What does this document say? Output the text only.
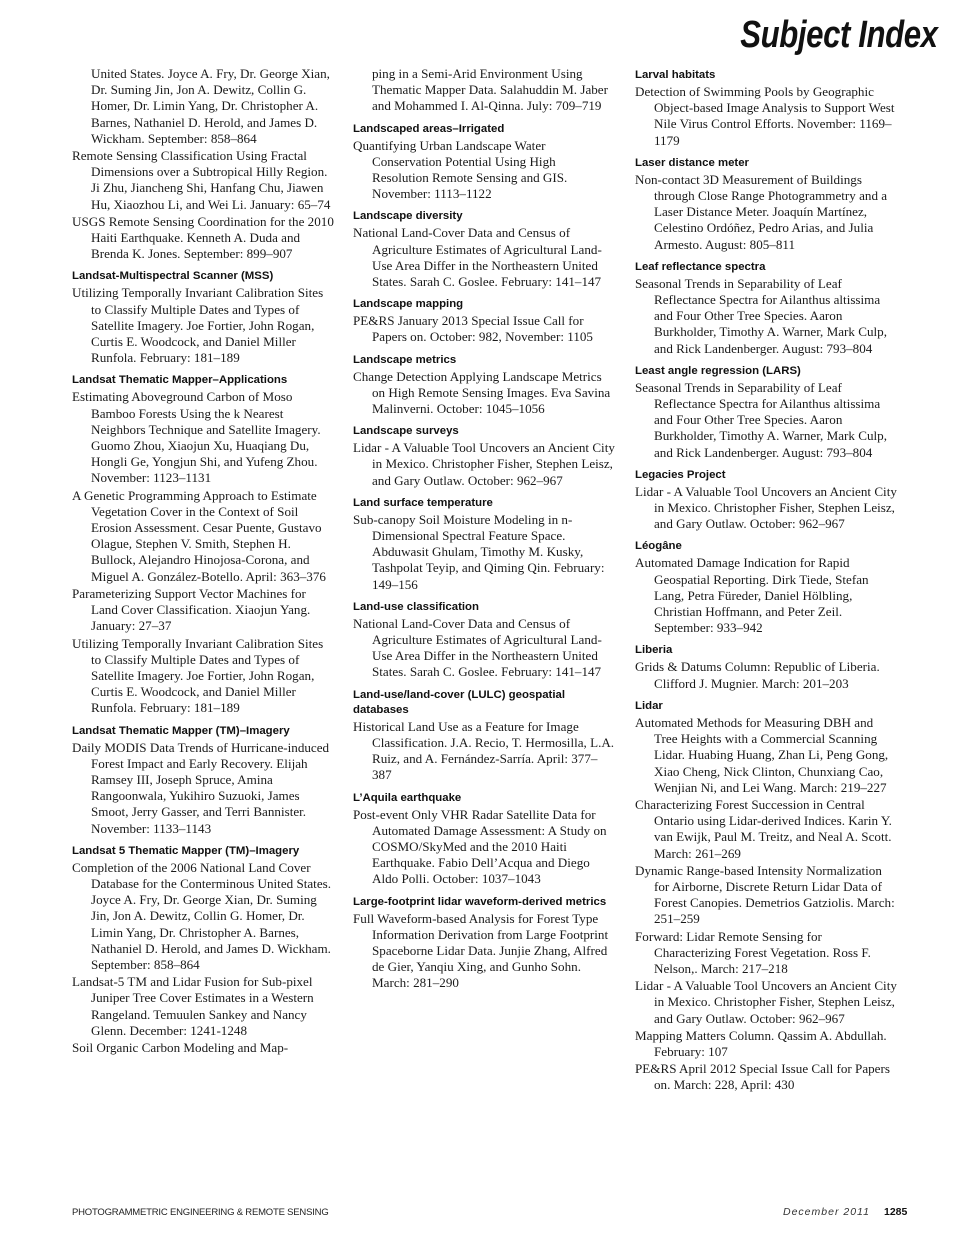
Subject Index
United States. Joyce A. Fry, Dr. George Xian, Dr. Suming Jin, Jon A. Dewitz, Collin G. Homer, Dr. Limin Yang, Dr. Christopher A. Barnes, Nathaniel D. Herold, and James D. Wickham. September: 858–864
Remote Sensing Classification Using Fractal Dimensions over a Subtropical Hilly Region. Ji Zhu, Jiancheng Shi, Hanfang Chu, Jiawen Hu, Xiaozhou Li, and Wei Li. January: 65–74
USGS Remote Sensing Coordination for the 2010 Haiti Earthquake. Kenneth A. Duda and Brenda K. Jones. September: 899–907
Landsat-Multispectral Scanner (MSS)
Utilizing Temporally Invariant Calibration Sites to Classify Multiple Dates and Types of Satellite Imagery. Joe Fortier, John Rogan, Curtis E. Woodcock, and Daniel Miller Runfola. February: 181–189
Landsat Thematic Mapper–Applications
Estimating Aboveground Carbon of Moso Bamboo Forests Using the k Nearest Neighbors Technique and Satellite Imagery. Guomo Zhou, Xiaojun Xu, Huaqiang Du, Hongli Ge, Yongjun Shi, and Yufeng Zhou. November: 1123–1131
A Genetic Programming Approach to Estimate Vegetation Cover in the Context of Soil Erosion Assessment. Cesar Puente, Gustavo Olague, Stephen V. Smith, Stephen H. Bullock, Alejandro Hinojosa-Corona, and Miguel A. González-Botello. April: 363–376
Parameterizing Support Vector Machines for Land Cover Classification. Xiaojun Yang. January: 27–37
Utilizing Temporally Invariant Calibration Sites to Classify Multiple Dates and Types of Satellite Imagery. Joe Fortier, John Rogan, Curtis E. Woodcock, and Daniel Miller Runfola. February: 181–189
Landsat Thematic Mapper (TM)–Imagery
Daily MODIS Data Trends of Hurricane-induced Forest Impact and Early Recovery. Elijah Ramsey III, Joseph Spruce, Amina Rangoonwala, Yukihiro Suzuoki, James Smoot, Jerry Gasser, and Terri Bannister. November: 1133–1143
Landsat 5 Thematic Mapper (TM)–Imagery
Completion of the 2006 National Land Cover Database for the Conterminous United States. Joyce A. Fry, Dr. George Xian, Dr. Suming Jin, Jon A. Dewitz, Collin G. Homer, Dr. Limin Yang, Dr. Christopher A. Barnes, Nathaniel D. Herold, and James D. Wickham. September: 858–864
Landsat-5 TM and Lidar Fusion for Sub-pixel Juniper Tree Cover Estimates in a Western Rangeland. Temuulen Sankey and Nancy Glenn. December: 1241-1248
Soil Organic Carbon Modeling and Map-
ping in a Semi-Arid Environment Using Thematic Mapper Data. Salahuddin M. Jaber and Mohammed I. Al-Qinna. July: 709–719
Landscaped areas–Irrigated
Quantifying Urban Landscape Water Conservation Potential Using High Resolution Remote Sensing and GIS. November: 1113–1122
Landscape diversity
National Land-Cover Data and Census of Agriculture Estimates of Agricultural Land-Use Area Differ in the Northeastern United States. Sarah C. Goslee. February: 141–147
Landscape mapping
PE&RS January 2013 Special Issue Call for Papers on. October: 982, November: 1105
Landscape metrics
Change Detection Applying Landscape Metrics on High Remote Sensing Images. Eva Savina Malinverni. October: 1045–1056
Landscape surveys
Lidar - A Valuable Tool Uncovers an Ancient City in Mexico. Christopher Fisher, Stephen Leisz, and Gary Outlaw. October: 962–967
Land surface temperature
Sub-canopy Soil Moisture Modeling in n-Dimensional Spectral Feature Space. Abduwasit Ghulam, Timothy M. Kusky, Tashpolat Teyip, and Qiming Qin. February: 149–156
Land-use classification
National Land-Cover Data and Census of Agriculture Estimates of Agricultural Land-Use Area Differ in the Northeastern United States. Sarah C. Goslee. February: 141–147
Land-use/land-cover (LULC) geospatial databases
Historical Land Use as a Feature for Image Classification. J.A. Recio, T. Hermosilla, L.A. Ruiz, and A. Fernández-Sarría. April: 377–387
L’Aquila earthquake
Post-event Only VHR Radar Satellite Data for Automated Damage Assessment: A Study on COSMO/SkyMed and the 2010 Haiti Earthquake. Fabio Dell’Acqua and Diego Aldo Polli. October: 1037–1043
Large-footprint lidar waveform-derived metrics
Full Waveform-based Analysis for Forest Type Information Derivation from Large Footprint Spaceborne Lidar Data. Junjie Zhang, Alfred de Gier, Yanqiu Xing, and Gunho Sohn. March: 281–290
Larval habitats
Detection of Swimming Pools by Geographic Object-based Image Analysis to Support West Nile Virus Control Efforts. November: 1169–1179
Laser distance meter
Non-contact 3D Measurement of Buildings through Close Range Photogrammetry and a Laser Distance Meter. Joaquín Martínez, Celestino Ordóñez, Pedro Arias, and Julia Armesto. August: 805–811
Leaf reflectance spectra
Seasonal Trends in Separability of Leaf Reflectance Spectra for Ailanthus altissima and Four Other Tree Species. Aaron Burkholder, Timothy A. Warner, Mark Culp, and Rick Landenberger. August: 793–804
Least angle regression (LARS)
Seasonal Trends in Separability of Leaf Reflectance Spectra for Ailanthus altissima and Four Other Tree Species. Aaron Burkholder, Timothy A. Warner, Mark Culp, and Rick Landenberger. August: 793–804
Legacies Project
Lidar - A Valuable Tool Uncovers an Ancient City in Mexico. Christopher Fisher, Stephen Leisz, and Gary Outlaw. October: 962–967
Léogâne
Automated Damage Indication for Rapid Geospatial Reporting. Dirk Tiede, Stefan Lang, Petra Füreder, Daniel Hölbling, Christian Hoffmann, and Peter Zeil. September: 933–942
Liberia
Grids & Datums Column: Republic of Liberia. Clifford J. Mugnier. March: 201–203
Lidar
Automated Methods for Measuring DBH and Tree Heights with a Commercial Scanning Lidar. Huabing Huang, Zhan Li, Peng Gong, Xiao Cheng, Nick Clinton, Chunxiang Cao, Wenjian Ni, and Lei Wang. March: 219–227
Characterizing Forest Succession in Central Ontario using Lidar-derived Indices. Karin Y. van Ewijk, Paul M. Treitz, and Neal A. Scott. March: 261–269
Dynamic Range-based Intensity Normalization for Airborne, Discrete Return Lidar Data of Forest Canopies. Demetrios Gatziolis. March: 251–259
Forward: Lidar Remote Sensing for Characterizing Forest Vegetation. Ross F. Nelson,. March: 217–218
Lidar - A Valuable Tool Uncovers an Ancient City in Mexico. Christopher Fisher, Stephen Leisz, and Gary Outlaw. October: 962–967
Mapping Matters Column. Qassim A. Abdullah. February: 107
PE&RS April 2012 Special Issue Call for Papers on. March: 228, April: 430
PHOTOGRAMMETRIC ENGINEERING & REMOTE SENSING	December 2011 1285
